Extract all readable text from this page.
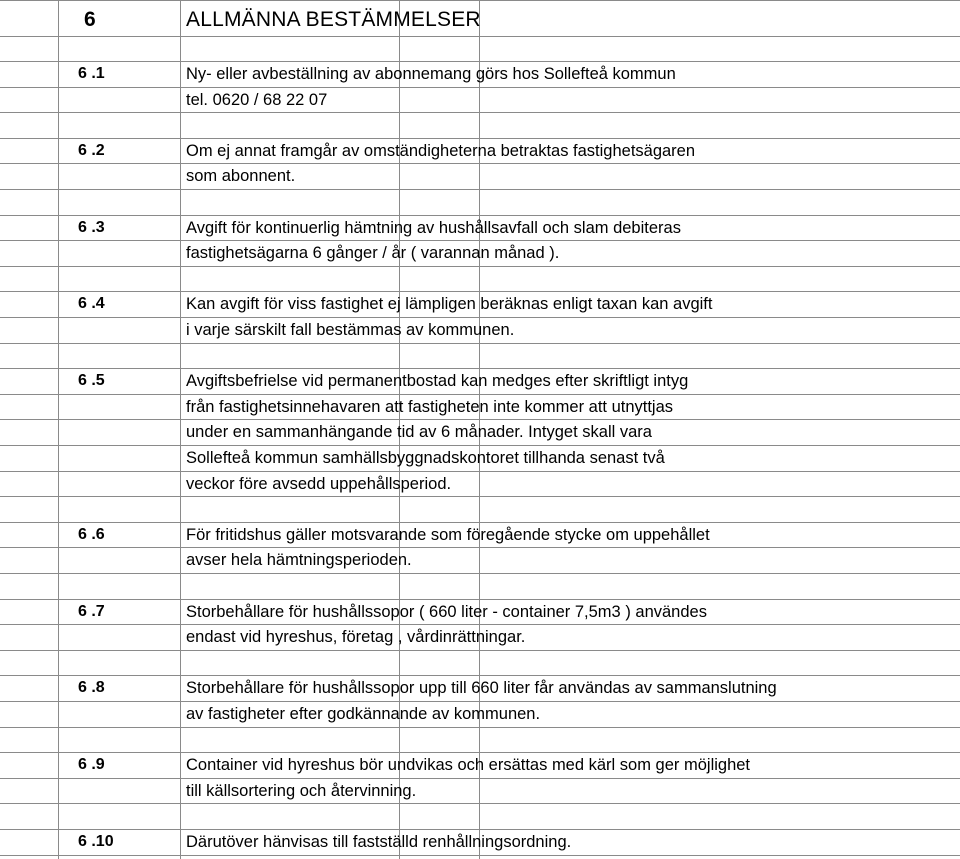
6	ALLMÄNNA BESTÄMMELSER
6 .1	Ny- eller avbeställning av abonnemang görs hos Sollefteå kommun
tel. 0620 / 68 22 07
6 .2	Om ej annat framgår av omständigheterna betraktas fastighetsägaren
som abonnent.
6 .3	Avgift för kontinuerlig hämtning av hushållsavfall och slam debiteras
fastighetsägarna 6 gånger / år ( varannan månad ).
6 .4	Kan avgift för viss fastighet ej lämpligen beräknas enligt taxan kan avgift
i varje särskilt fall bestämmas av kommunen.
6 .5	Avgiftsbefrielse vid permanentbostad kan medges efter skriftligt intyg
från fastighetsinnehavaren att fastigheten inte kommer att utnyttjas
under en sammanhängande tid av 6 månader. Intyget skall vara
Sollefteå kommun samhällsbyggnadskontoret tillhanda senast två
veckor före avsedd uppehållsperiod.
6 .6	För fritidshus gäller motsvarande som föregående stycke om uppehållet
avser hela hämtningsperioden.
6 .7	Storbehållare för hushållssopor ( 660 liter - container 7,5m3 ) användes
endast vid hyreshus, företag , vårdinrättningar.
6 .8	Storbehållare för hushållssopor upp till 660 liter får användas av sammanslutning
av fastigheter efter godkännande av kommunen.
6 .9	Container vid hyreshus bör undvikas och ersättas med kärl som ger möjlighet
till källsortering och återvinning.
6 .10	Därutöver hänvisas till fastställd renhållningsordning.
